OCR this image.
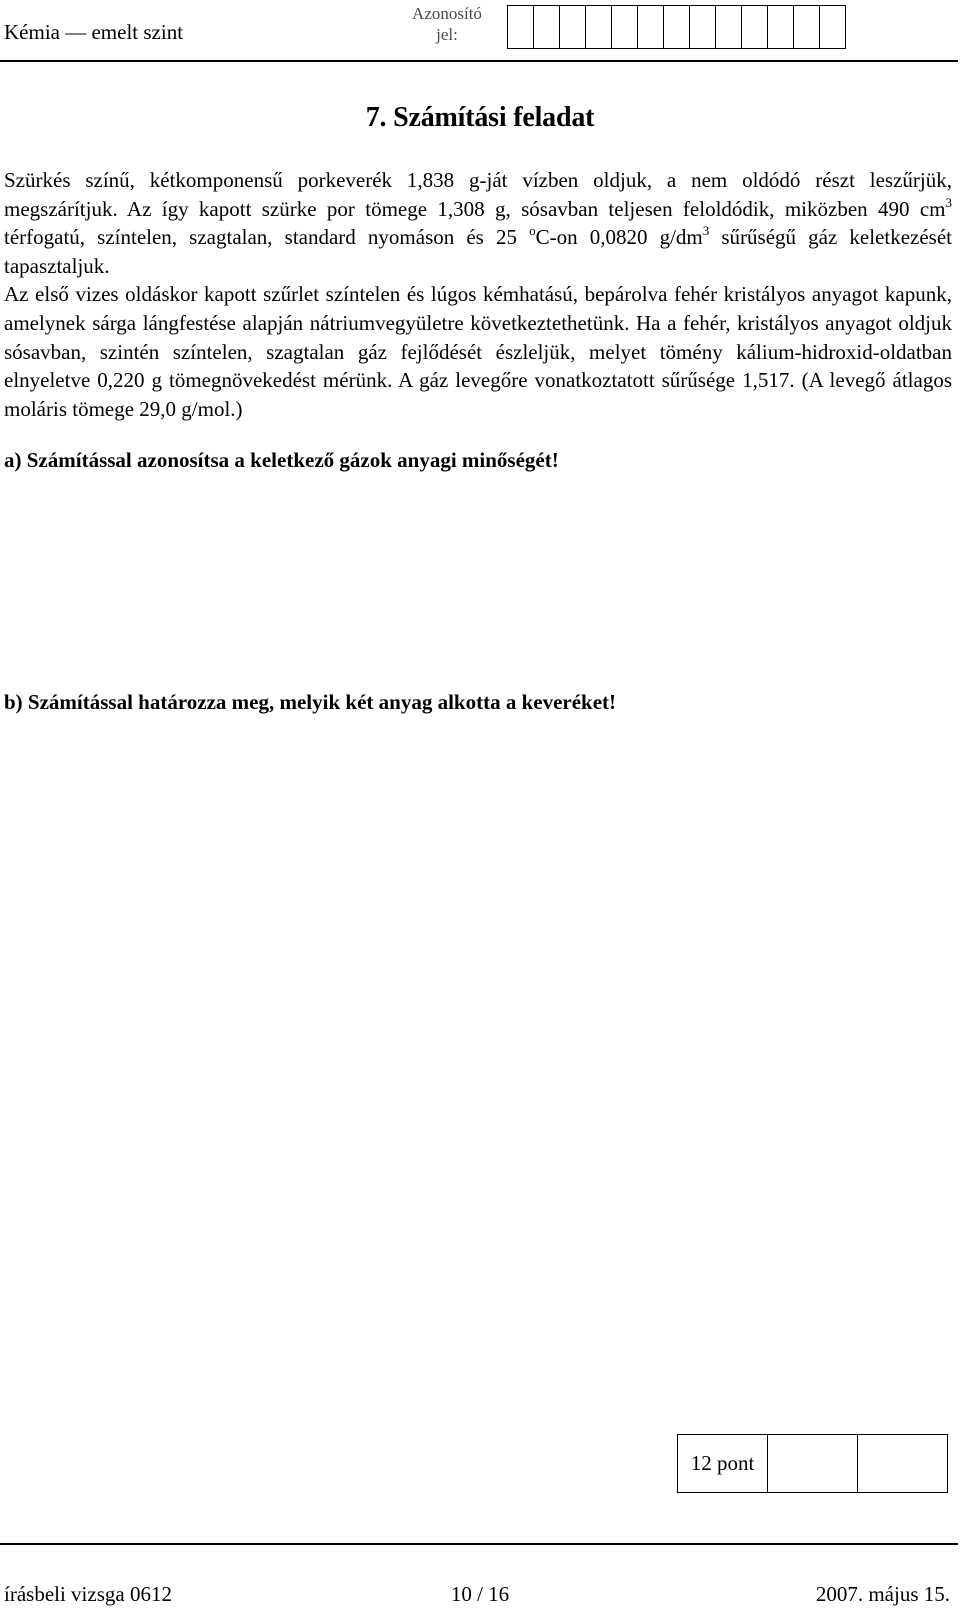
Kémia — emelt szint
Azonosító
jel:
7. Számítási feladat

Szürkés színű, kétkomponensű porkeverék 1,838 g-ját vízben oldjuk, a nem oldódó részt leszűrjük, megszárítjuk. Az így kapott szürke por tömege 1,308 g, sósavban teljesen feloldódik, miközben 490 $cm^3$ térfogatú, színtelen, szagtalan, standard nyomáson és 25 $^o$C-on 0,0820 $g/dm^3$ sűrűségű gáz keletkezését tapasztaljuk.

Az első vizes oldáskor kapott szűrlet színtelen és lúgos kémhatású, bepárolva fehér kristályos anyagot kapunk, amelynek sárga lángfestése alapján nátriumvegyületre következtethetünk. Ha a fehér, kristályos anyagot oldjuk sósavban, szintén színtelen, szagtalan gáz fejlődését észleljük, melyet tömény kálium-hidroxid-oldatban elnyeletve 0,220 g tömegnövekedést mérünk. A gáz levegőre vonatkoztatott sűrűsége 1,517. (A levegő átlagos moláris tömege 29,0 g/mol.)

a) Számítással azonosítsa a keletkező gázok anyagi minőségét!
b) Számítással határozza meg, melyik két anyag alkotta a keveréket!
12 pont		
írásbeli vizsga 0612	10 / 16	2007. május 15.
